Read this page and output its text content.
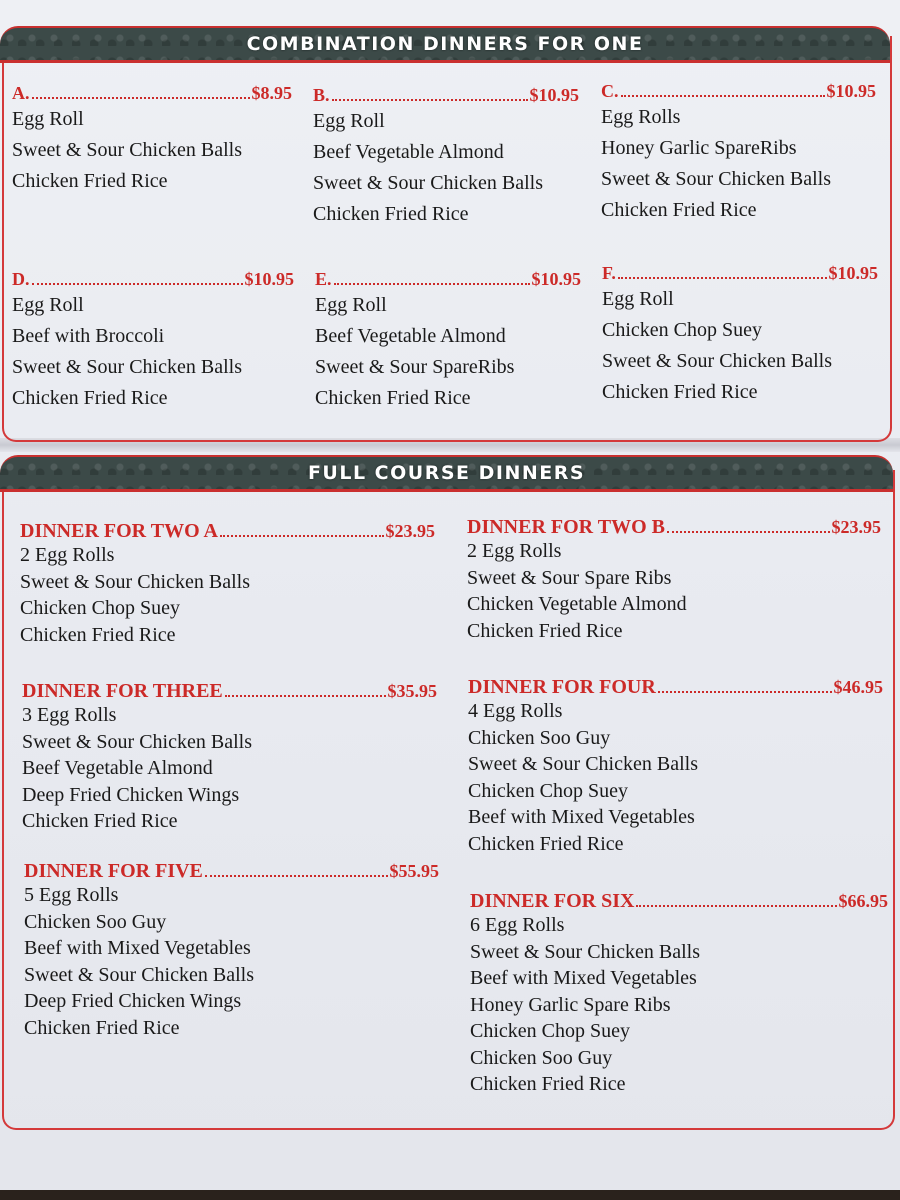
COMBINATION DINNERS FOR ONE
A.	$8.95
Egg Roll
Sweet & Sour Chicken Balls
Chicken Fried Rice
B.	$10.95
Egg Roll
Beef Vegetable Almond
Sweet & Sour Chicken Balls
Chicken Fried Rice
C.	$10.95
Egg Rolls
Honey Garlic SpareRibs
Sweet & Sour Chicken Balls
Chicken Fried Rice
D.	$10.95
Egg Roll
Beef with Broccoli
Sweet & Sour Chicken Balls
Chicken Fried Rice
E.	$10.95
Egg Roll
Beef Vegetable Almond
Sweet & Sour SpareRibs
Chicken Fried Rice
F.	$10.95
Egg Roll
Chicken Chop Suey
Sweet & Sour Chicken Balls
Chicken Fried Rice
FULL COURSE DINNERS
DINNER FOR TWO A	$23.95
2 Egg Rolls
Sweet & Sour Chicken Balls
Chicken Chop Suey
Chicken Fried Rice
DINNER FOR TWO B	$23.95
2 Egg Rolls
Sweet & Sour Spare Ribs
Chicken Vegetable Almond
Chicken Fried Rice
DINNER FOR THREE	$35.95
3 Egg Rolls
Sweet & Sour Chicken Balls
Beef Vegetable Almond
Deep Fried Chicken Wings
Chicken Fried Rice
DINNER FOR FOUR	$46.95
4 Egg Rolls
Chicken Soo Guy
Sweet & Sour Chicken Balls
Chicken Chop Suey
Beef with Mixed Vegetables
Chicken Fried Rice
DINNER FOR FIVE	$55.95
5 Egg Rolls
Chicken Soo Guy
Beef with Mixed Vegetables
Sweet & Sour Chicken Balls
Deep Fried Chicken Wings
Chicken Fried Rice
DINNER FOR SIX	$66.95
6 Egg Rolls
Sweet & Sour Chicken Balls
Beef with Mixed Vegetables
Honey Garlic Spare Ribs
Chicken Chop Suey
Chicken Soo Guy
Chicken Fried Rice
